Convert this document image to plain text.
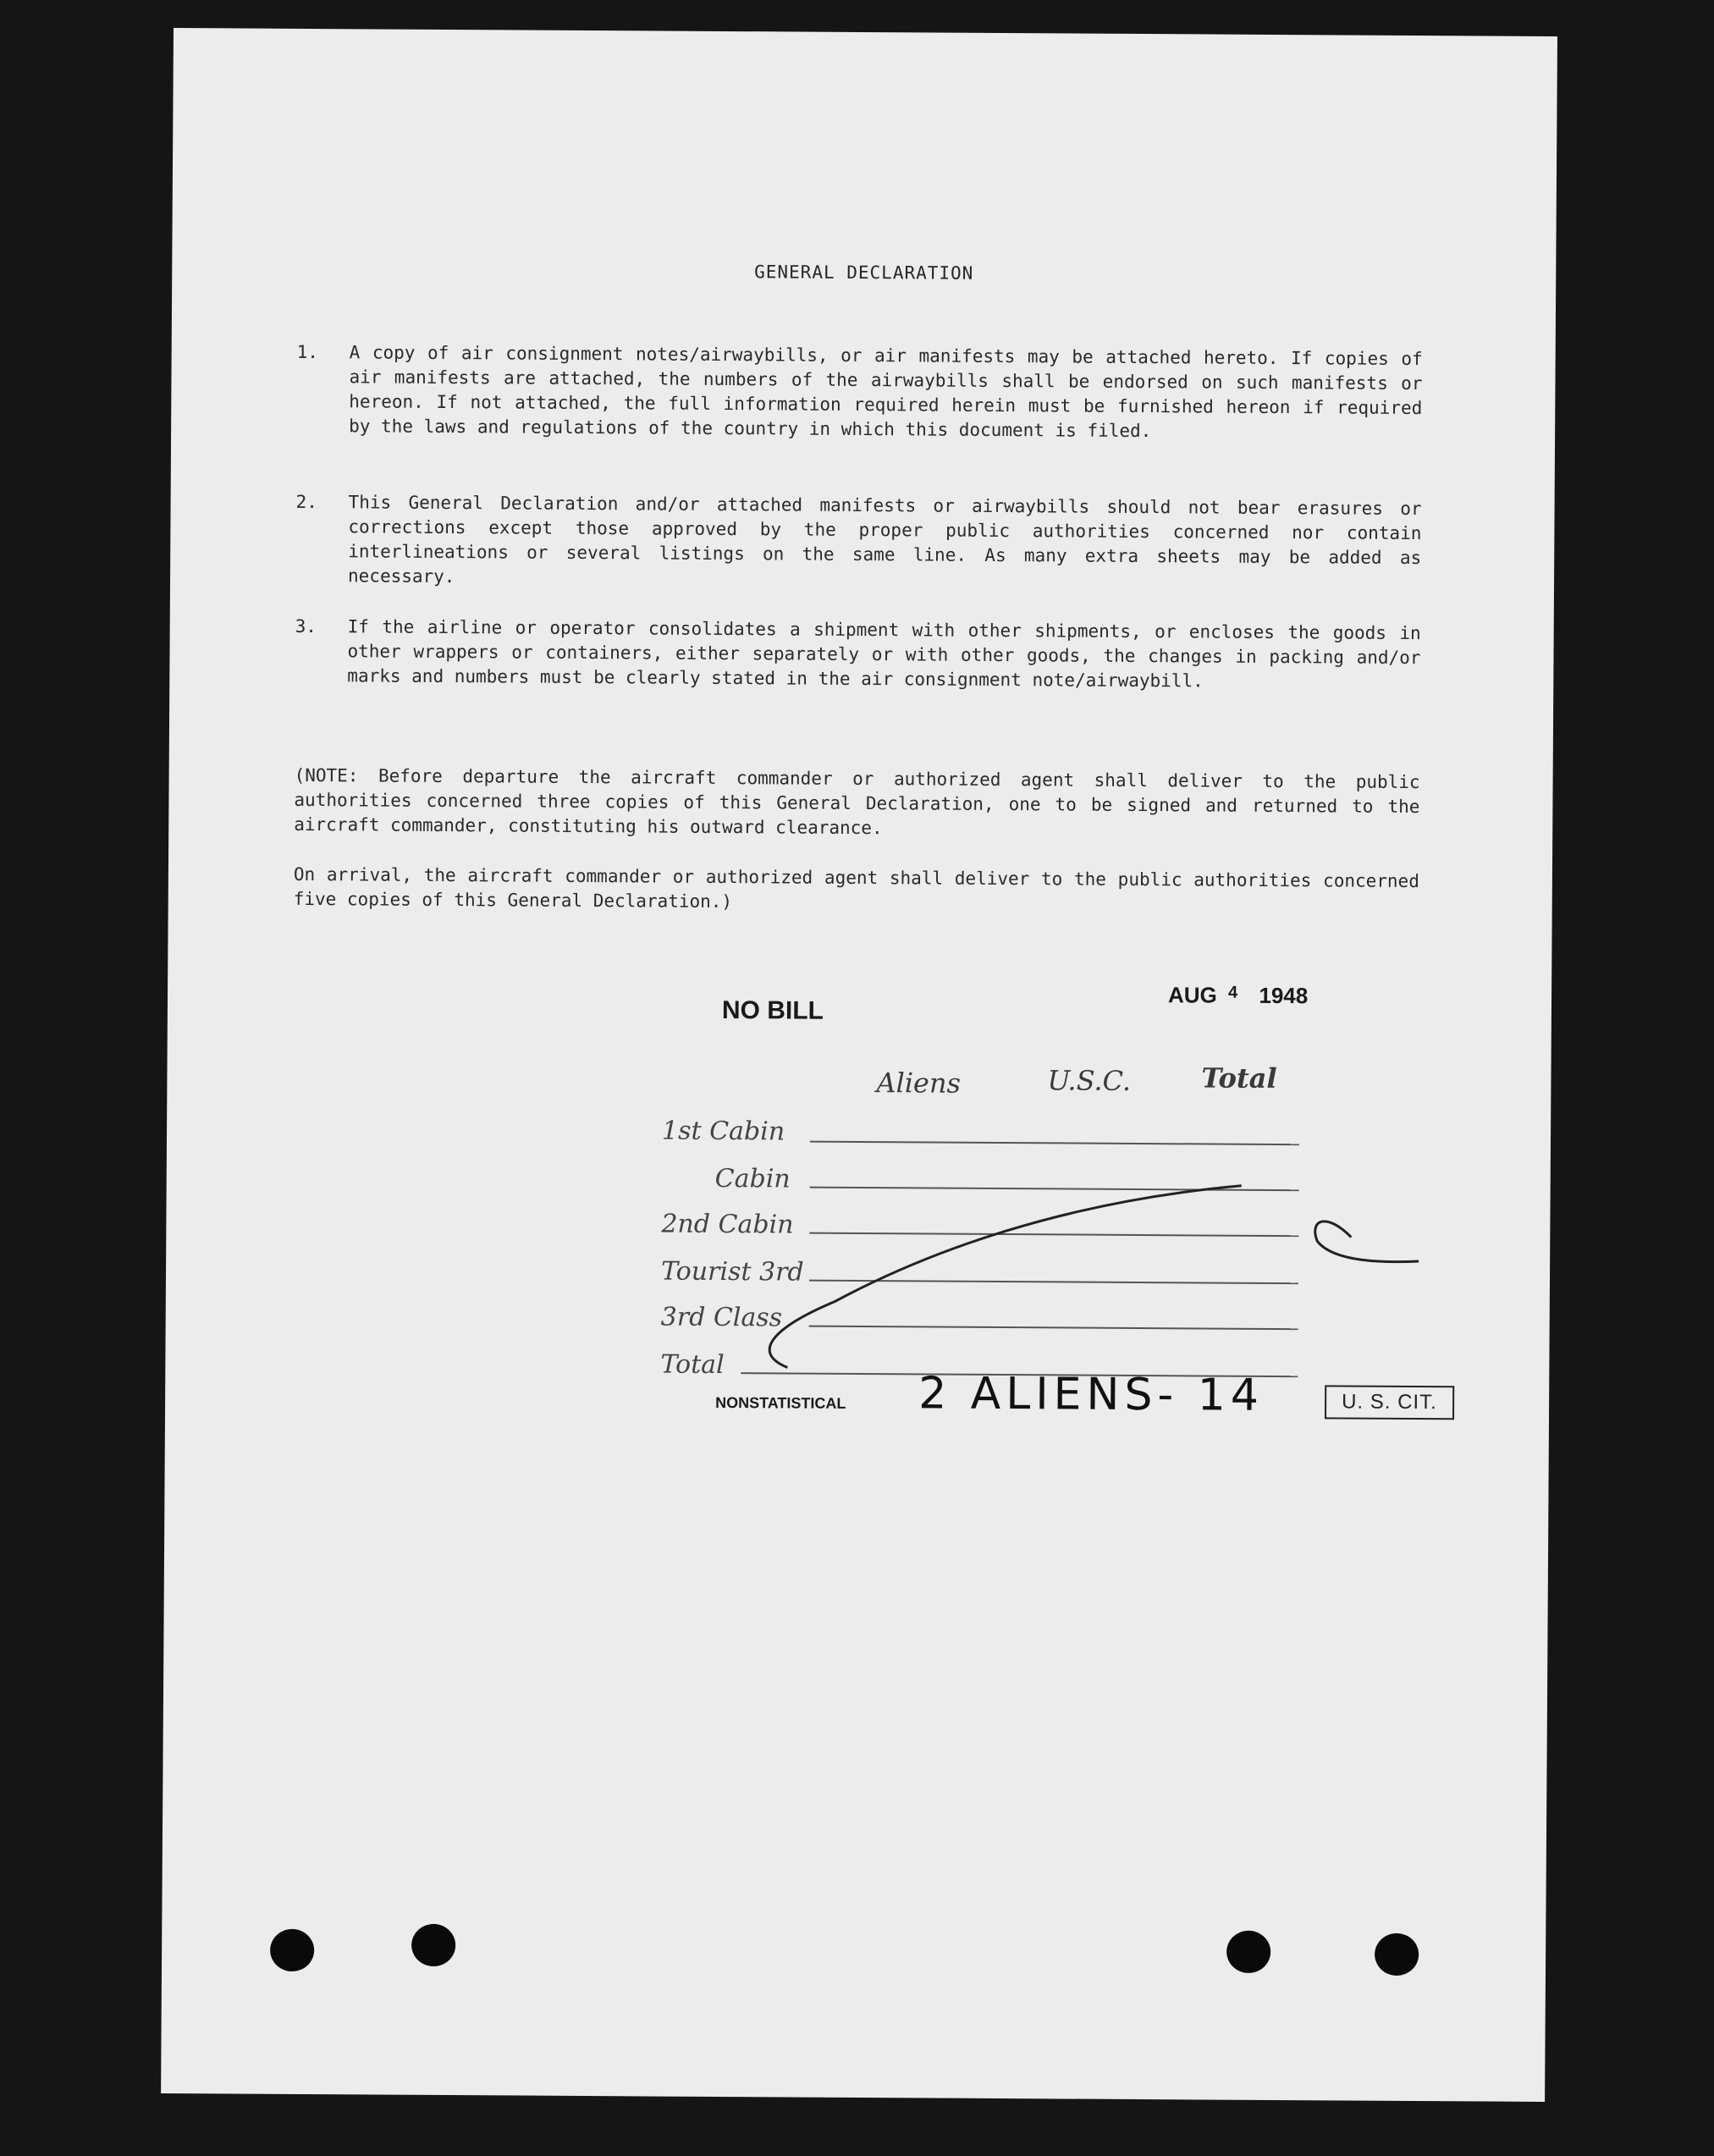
GENERAL DECLARATION
1. A copy of air consignment notes/airwaybills, or air manifests may be attached hereto. If copies of air manifests are attached, the numbers of the airwaybills shall be endorsed on such manifests or hereon. If not attached, the full information required herein must be furnished hereon if required by the laws and regulations of the country in which this document is filed.
2. This General Declaration and/or attached manifests or airwaybills should not bear erasures or corrections except those approved by the proper public authorities concerned nor contain interlineations or several listings on the same line. As many extra sheets may be added as necessary.
3. If the airline or operator consolidates a shipment with other shipments, or encloses the goods in other wrappers or containers, either separately or with other goods, the changes in packing and/or marks and numbers must be clearly stated in the air consignment note/airwaybill.
(NOTE: Before departure the aircraft commander or authorized agent shall deliver to the public authorities concerned three copies of this General Declaration, one to be signed and returned to the aircraft commander, constituting his outward clearance.
On arrival, the aircraft commander or authorized agent shall deliver to the public authorities concerned five copies of this General Declaration.)
NO BILL
AUG $^4$ 1948
Aliens	U.S.C.	Total
1st Cabin
Cabin
2nd Cabin
Tourist 3rd
3rd Class
Total
NONSTATISTICAL 2 ALIENS- 14	U. S. CIT.
